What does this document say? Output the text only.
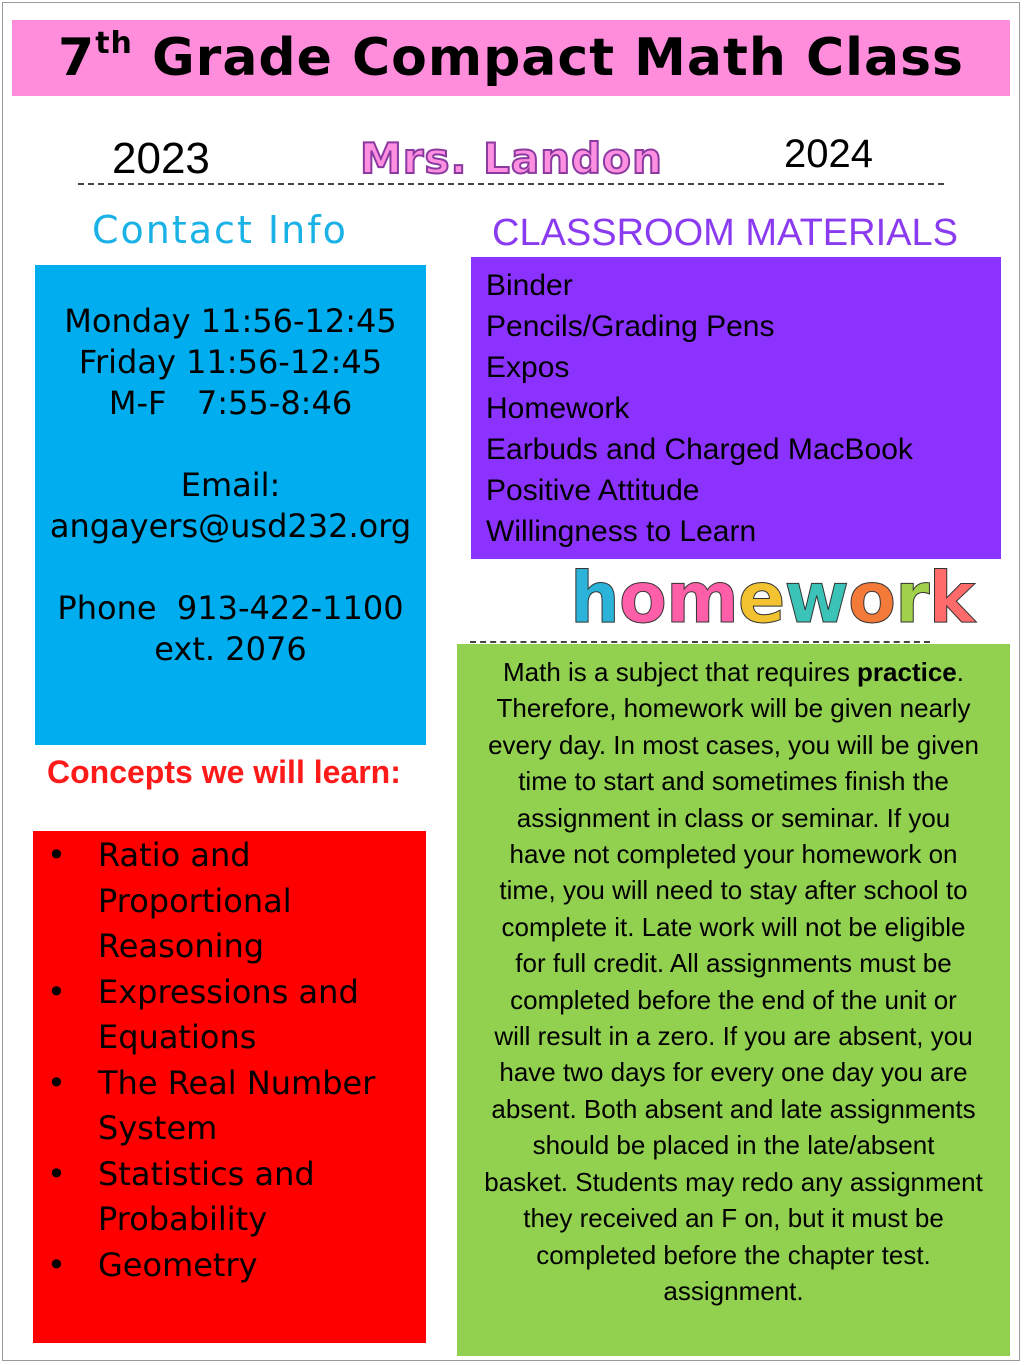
7th Grade Compact Math Class
2023	Mrs. Landon	2024
Contact Info	CLASSROOM MATERIALS
Monday 11:56-12:45
Friday 11:56-12:45
M-F   7:55-8:46
Email:
angayers@usd232.org
Phone  913-422-1100
ext. 2076
Binder
Pencils/Grading Pens
Expos
Homework
Earbuds and Charged MacBook
Positive Attitude
Willingness to Learn
homework
Concepts we will learn:
• Ratio and
Proportional
Reasoning
• Expressions and
Equations
• The Real Number
System
• Statistics and
Probability
• Geometry
Math is a subject that requires practice.
Therefore, homework will be given nearly
every day. In most cases, you will be given
time to start and sometimes finish the
assignment in class or seminar. If you
have not completed your homework on
time, you will need to stay after school to
complete it. Late work will not be eligible
for full credit. All assignments must be
completed before the end of the unit or
will result in a zero. If you are absent, you
have two days for every one day you are
absent. Both absent and late assignments
should be placed in the late/absent
basket. Students may redo any assignment
they received an F on, but it must be
completed before the chapter test.
assignment.
